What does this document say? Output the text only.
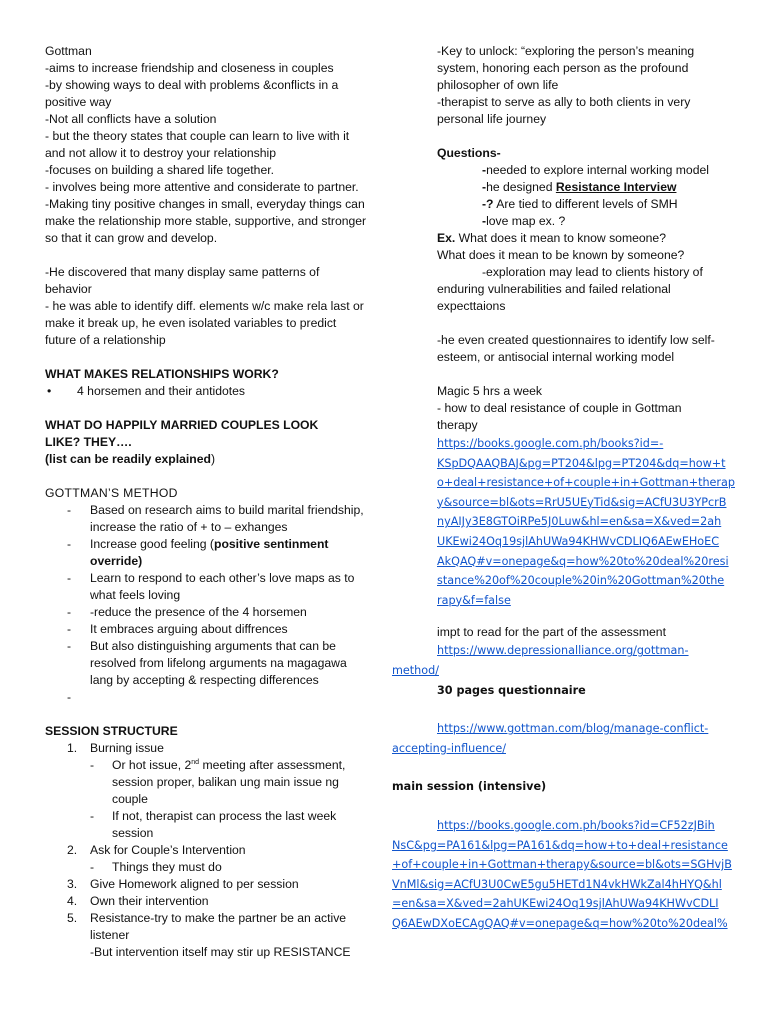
Gottman
-aims to increase friendship and closeness in couples
-by showing ways to deal with problems &conflicts in a
positive way
-Not all conflicts have a solution
- but the theory states that couple can learn to live with it
and not allow it to destroy your relationship
-focuses on building a shared life together.
- involves being more attentive and considerate to partner.
-Making tiny positive changes in small, everyday things can
make the relationship more stable, supportive, and stronger
so that it can grow and develop.
-He discovered that many display same patterns of
behavior
- he was able to identify diff. elements w/c make rela last or
make it break up, he even isolated variables to predict
future of a relationship
WHAT MAKES RELATIONSHIPS WORK?
•	4 horsemen and their antidotes
WHAT DO HAPPILY MARRIED COUPLES LOOK
LIKE? THEY….
(list can be readily explained)
GOTTMAN’S METHOD
-	Based on research aims to build marital friendship,
increase the ratio of + to – exhanges
-	Increase good feeling (positive sentinment
override)
-	Learn to respond to each other’s love maps as to
what feels loving
-	-reduce the presence of the 4 horsemen
-	It embraces arguing about diffrences
-	But also distinguishing arguments that can be
resolved from lifelong arguments na magagawa
lang by accepting & respecting differences
-
SESSION STRUCTURE
1.	Burning issue
-	Or hot issue, 2nd meeting after assessment,
session proper, balikan ung main issue ng
couple
-	If not, therapist can process the last week
session
2.	Ask for Couple’s Intervention
-	Things they must do
3.	Give Homework aligned to per session
4.	Own their intervention
5.	Resistance-try to make the partner be an active
listener
-But intervention itself may stir up RESISTANCE
-Key to unlock: “exploring the person’s meaning
system, honoring each person as the profound
philosopher of own life
-therapist to serve as ally to both clients in very
personal life journey
Questions-
-needed to explore internal working model
-he designed Resistance Interview
-? Are tied to different levels of SMH
-love map ex. ?
Ex. What does it mean to know someone?
What does it mean to be known by someone?
-exploration may lead to clients history of
enduring vulnerabilities and failed relational
expecttaions
-he even created questionnaires to identify low self-
esteem, or antisocial internal working model
Magic 5 hrs a week
- how to deal resistance of couple in Gottman
therapy
https://books.google.com.ph/books?id=-
KSpDQAAQBAJ&pg=PT204&lpg=PT204&dq=how+t
o+deal+resistance+of+couple+in+Gottman+therap
y&source=bl&ots=RrU5UEyTid&sig=ACfU3U3YPcrB
nyAIJy3E8GTOiRPe5J0Luw&hl=en&sa=X&ved=2ah
UKEwi24Oq19sjlAhUWa94KHWvCDLIQ6AEwEHoEC
AkQAQ#v=onepage&q=how%20to%20deal%20resi
stance%20of%20couple%20in%20Gottman%20the
rapy&f=false
impt to read for the part of the assessment
https://www.depressionalliance.org/gottman-
method/
30 pages questionnaire
https://www.gottman.com/blog/manage-conflict-
accepting-influence/
main session (intensive)
https://books.google.com.ph/books?id=CF52zJBih
NsC&pg=PA161&lpg=PA161&dq=how+to+deal+resistance
+of+couple+in+Gottman+therapy&source=bl&ots=SGHvjB
VnMl&sig=ACfU3U0CwE5gu5HETd1N4vkHWkZal4hHYQ&hl
=en&sa=X&ved=2ahUKEwi24Oq19sjlAhUWa94KHWvCDLI
Q6AEwDXoECAgQAQ#v=onepage&q=how%20to%20deal%
